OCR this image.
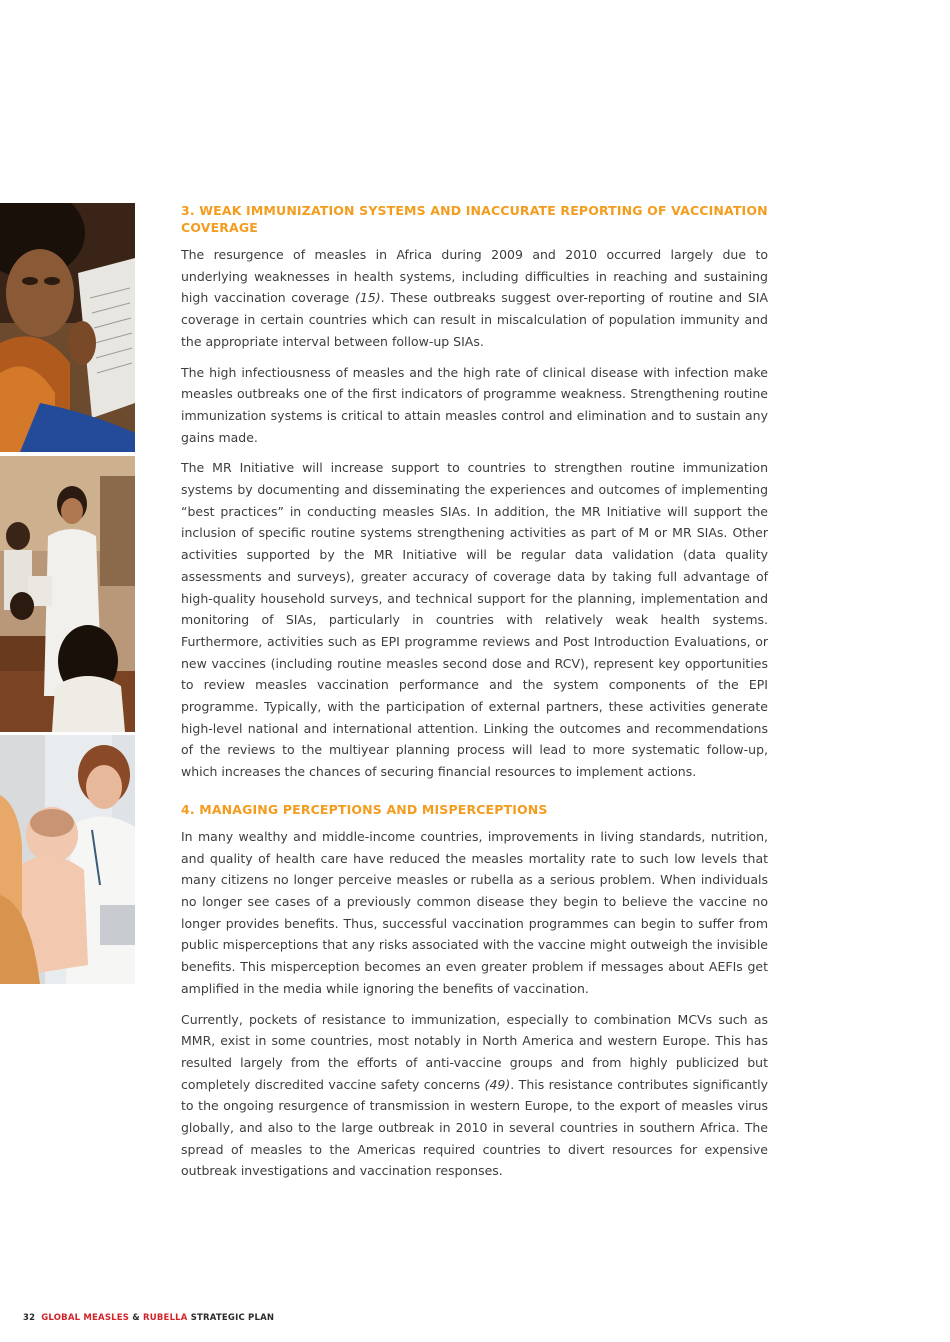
3. WEAK IMMUNIZATION SYSTEMS AND INACCURATE REPORTING OF VACCINATION COVERAGE

The resurgence of measles in Africa during 2009 and 2010 occurred largely due to underlying weaknesses in health systems, including difficulties in reaching and sustaining high vaccination coverage (15). These outbreaks suggest over-reporting of routine and SIA coverage in certain countries which can result in miscalculation of population immunity and the appropriate interval between follow-up SIAs.

The high infectiousness of measles and the high rate of clinical disease with infection make measles outbreaks one of the first indicators of programme weakness. Strengthening routine immunization systems is critical to attain measles control and elimination and to sustain any gains made.

The MR Initiative will increase support to countries to strengthen routine immunization systems by documenting and disseminating the experiences and outcomes of implementing “best practices” in conducting measles SIAs. In addition, the MR Initiative will support the inclusion of specific routine systems strengthening activities as part of M or MR SIAs. Other activities supported by the MR Initiative will be regular data validation (data quality assessments and surveys), greater accuracy of coverage data by taking full advantage of high-quality household surveys, and technical support for the planning, implementation and monitoring of SIAs, particularly in countries with relatively weak health systems. Furthermore, activities such as EPI programme reviews and Post Introduction Evaluations, or new vaccines (including routine measles second dose and RCV), represent key opportunities to review measles vaccination performance and the system components of the EPI programme. Typically, with the participation of external partners, these activities generate high-level national and international attention. Linking the outcomes and recommendations of the reviews to the multiyear planning process will lead to more systematic follow-up, which increases the chances of securing financial resources to implement actions.

4. MANAGING PERCEPTIONS AND MISPERCEPTIONS

In many wealthy and middle-income countries, improvements in living standards, nutrition, and quality of health care have reduced the measles mortality rate to such low levels that many citizens no longer perceive measles or rubella as a serious problem. When individuals no longer see cases of a previously common disease they begin to believe the vaccine no longer provides benefits. Thus, successful vaccination programmes can begin to suffer from public misperceptions that any risks associated with the vaccine might outweigh the invisible benefits. This misperception becomes an even greater problem if messages about AEFIs get amplified in the media while ignoring the benefits of vaccination.

Currently, pockets of resistance to immunization, especially to combination MCVs such as MMR, exist in some countries, most notably in North America and western Europe. This has resulted largely from the efforts of anti-vaccine groups and from highly publicized but completely discredited vaccine safety concerns (49). This resistance contributes significantly to the ongoing resurgence of transmission in western Europe, to the export of measles virus globally, and also to the large outbreak in 2010 in several countries in southern Africa. The spread of measles to the Americas required countries to divert resources for expensive outbreak investigations and vaccination responses.

32 GLOBAL MEASLES & RUBELLA STRATEGIC PLAN
